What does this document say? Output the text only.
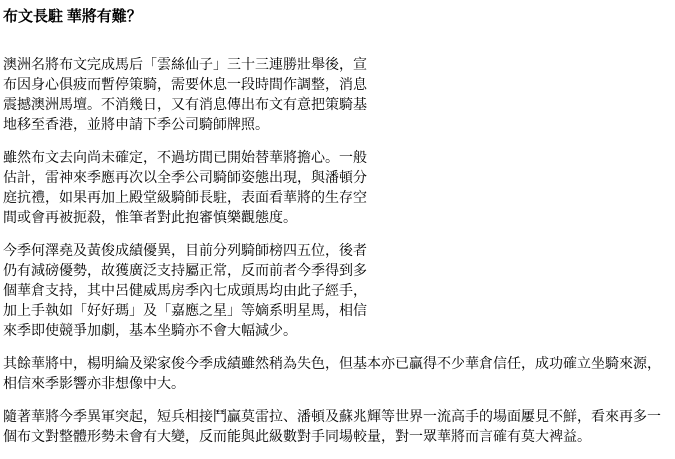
布文長駐 華將有難？

澳洲名將布文完成馬后「雲絲仙子」三十三連勝壯舉後，宣布因身心俱疲而暫停策騎，需要休息一段時間作調整，消息震撼澳洲馬壇。不消幾日，又有消息傳出布文有意把策騎基地移至香港，並將申請下季公司騎師牌照。

雖然布文去向尚未確定，不過坊間已開始替華將擔心。一般估計，雷神來季應再次以全季公司騎師姿態出現，與潘頓分庭抗禮，如果再加上殿堂級騎師長駐，表面看華將的生存空間或會再被扼殺，惟筆者對此抱審慎樂觀態度。

今季何澤堯及黃俊成績優異，目前分列騎師榜四五位，後者仍有減磅優勢，故獲廣泛支持屬正常，反而前者今季得到多個華倉支持，其中呂健威馬房季內七成頭馬均由此子經手，加上手執如「好好瑪」及「嘉應之星」等嫡系明星馬，相信來季即使競爭加劇，基本坐騎亦不會大幅減少。

其餘華將中，楊明綸及梁家俊今季成績雖然稍為失色，但基本亦已贏得不少華倉信任，成功確立坐騎來源，相信來季影響亦非想像中大。

隨著華將今季異軍突起，短兵相接鬥贏莫雷拉、潘頓及蘇兆輝等世界一流高手的場面屢見不鮮，看來再多一個布文對整體形勢未會有大變，反而能與此級數對手同場較量，對一眾華將而言確有莫大裨益。
